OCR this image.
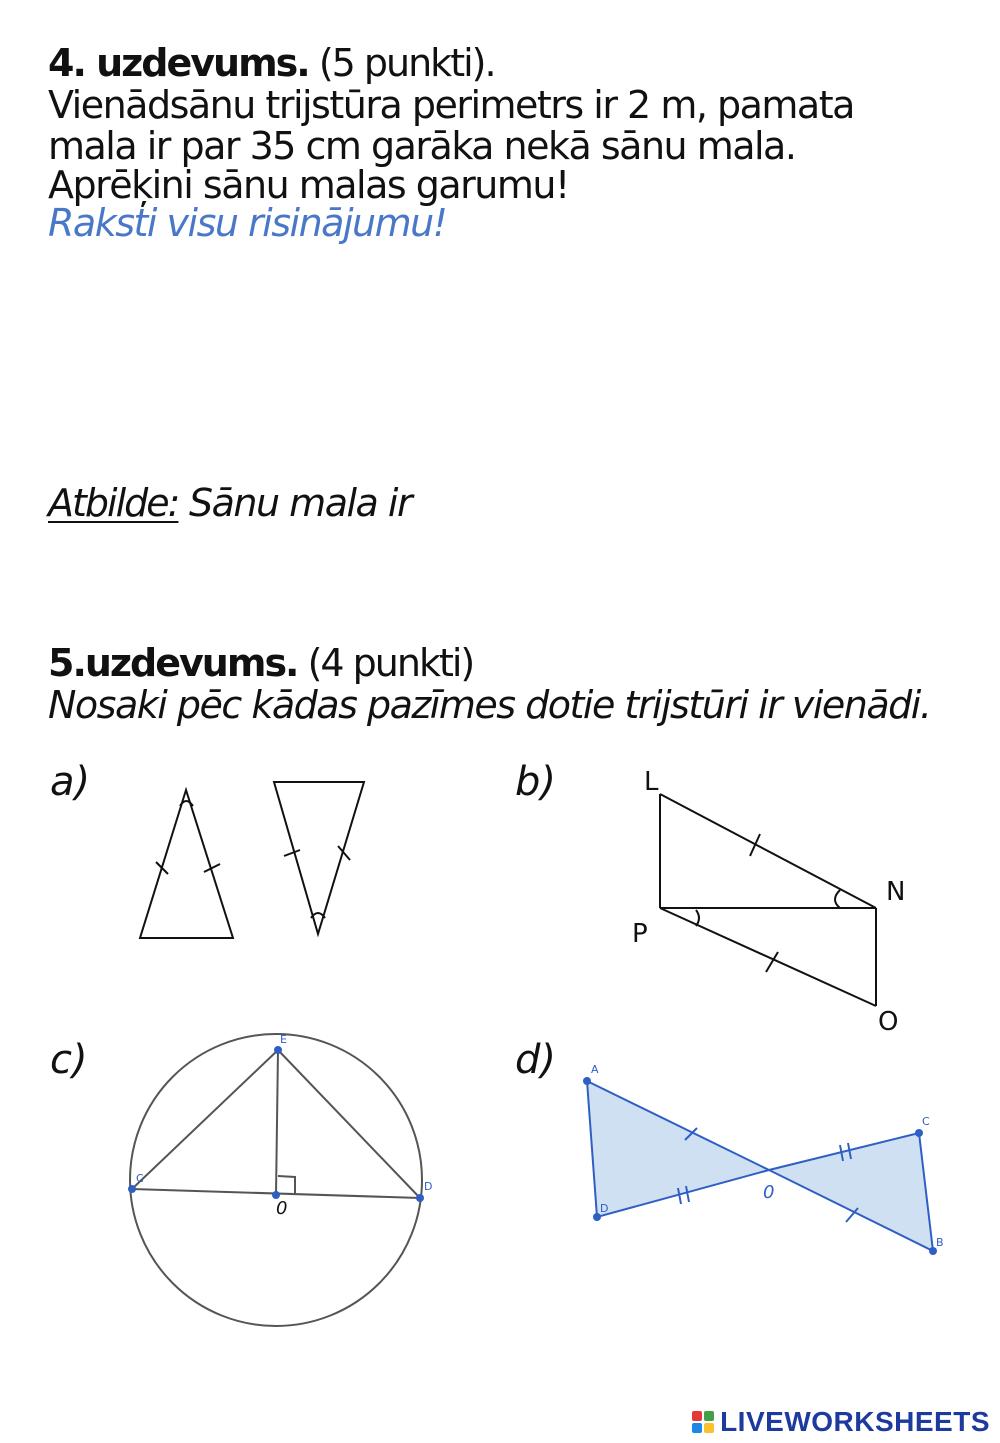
4. uzdevums. (5 punkti).
Vienādsānu trijstūra perimetrs ir 2 m, pamata
mala ir par 35 cm garāka nekā sānu mala.
Aprēķini sānu malas garumu!
Raksti visu risinājumu!
Atbilde: Sānu mala ir
5.uzdevums. (4 punkti)
Nosaki pēc kādas pazīmes dotie trijstūri ir vienādi.
a)	b)
c)	d)
L
N
P
O
E
C
D
0
A
C
D
B
0
LIVEWORKSHEETS
